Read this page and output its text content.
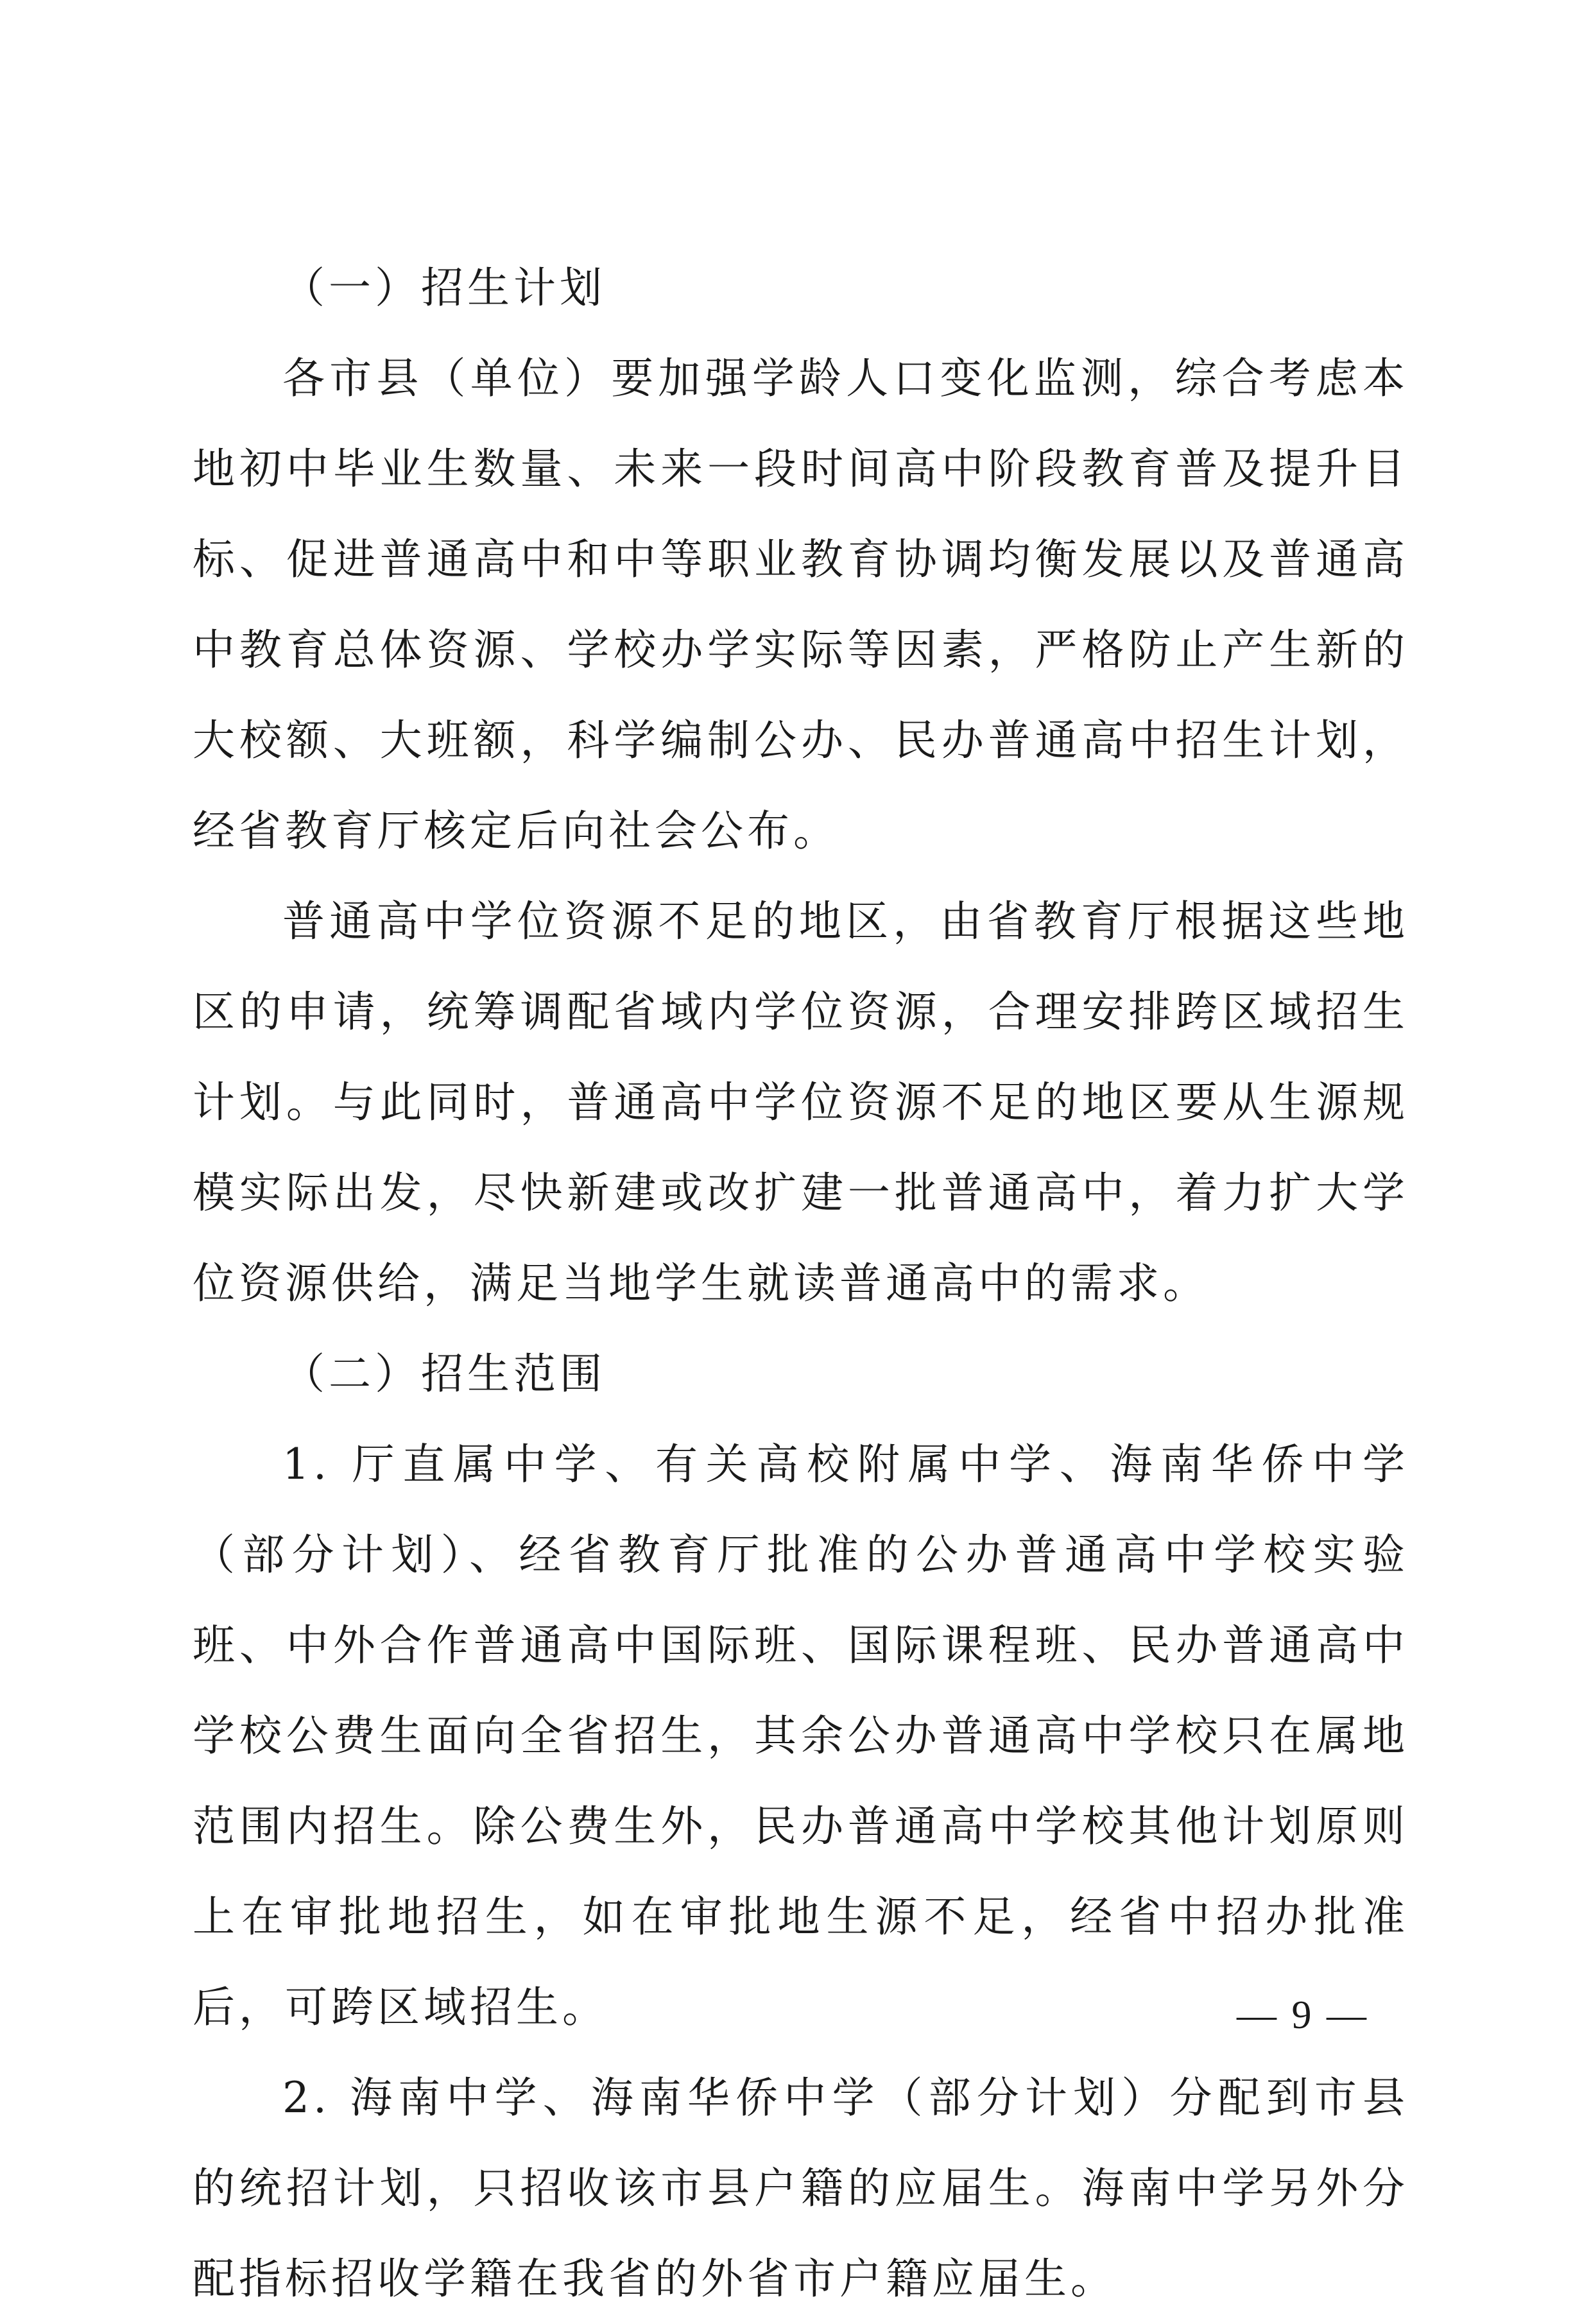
（一）招生计划

各市县（单位）要加强学龄人口变化监测，综合考虑本地初中毕业生数量、未来一段时间高中阶段教育普及提升目标、促进普通高中和中等职业教育协调均衡发展以及普通高中教育总体资源、学校办学实际等因素，严格防止产生新的大校额、大班额，科学编制公办、民办普通高中招生计划，经省教育厅核定后向社会公布。

普通高中学位资源不足的地区，由省教育厅根据这些地区的申请，统筹调配省域内学位资源，合理安排跨区域招生计划。与此同时，普通高中学位资源不足的地区要从生源规模实际出发，尽快新建或改扩建一批普通高中，着力扩大学位资源供给，满足当地学生就读普通高中的需求。

（二）招生范围

1. 厅直属中学、有关高校附属中学、海南华侨中学（部分计划）、经省教育厅批准的公办普通高中学校实验班、中外合作普通高中国际班、国际课程班、民办普通高中学校公费生面向全省招生，其余公办普通高中学校只在属地范围内招生。除公费生外，民办普通高中学校其他计划原则上在审批地招生，如在审批地生源不足，经省中招办批准后，可跨区域招生。

2. 海南中学、海南华侨中学（部分计划）分配到市县的统招计划，只招收该市县户籍的应届生。海南中学另外分配指标招收学籍在我省的外省市户籍应届生。

— 9 —
